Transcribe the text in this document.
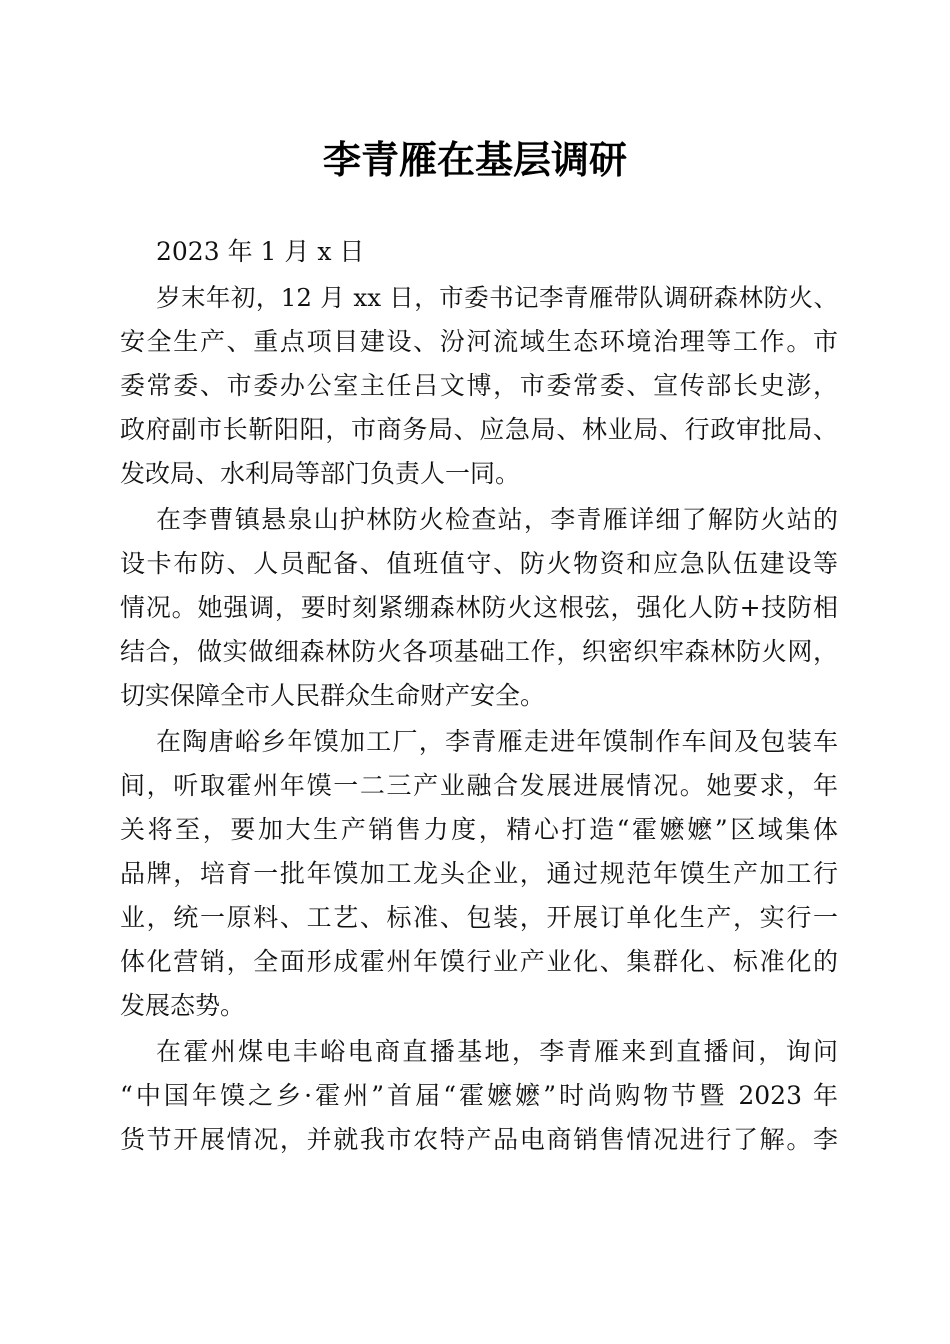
李青雁在基层调研
2023 年 1 月 x 日
岁末年初，12 月 xx 日，市委书记李青雁带队调研森林防火、
安全生产、重点项目建设、汾河流域生态环境治理等工作。市
委常委、市委办公室主任吕文博，市委常委、宣传部长史澎，
政府副市长靳阳阳，市商务局、应急局、林业局、行政审批局、
发改局、水利局等部门负责人一同。
在李曹镇悬泉山护林防火检查站，李青雁详细了解防火站的
设卡布防、人员配备、值班值守、防火物资和应急队伍建设等
情况。她强调，要时刻紧绷森林防火这根弦，强化人防+技防相
结合，做实做细森林防火各项基础工作，织密织牢森林防火网，
切实保障全市人民群众生命财产安全。
在陶唐峪乡年馍加工厂，李青雁走进年馍制作车间及包装车
间，听取霍州年馍一二三产业融合发展进展情况。她要求，年
关将至，要加大生产销售力度，精心打造“霍嬷嬷”区域集体
品牌，培育一批年馍加工龙头企业，通过规范年馍生产加工行
业，统一原料、工艺、标准、包装，开展订单化生产，实行一
体化营销，全面形成霍州年馍行业产业化、集群化、标准化的
发展态势。
在霍州煤电丰峪电商直播基地，李青雁来到直播间，询问
“中国年馍之乡·霍州”首届“霍嬷嬷”时尚购物节暨 2023 年
货节开展情况，并就我市农特产品电商销售情况进行了解。李
